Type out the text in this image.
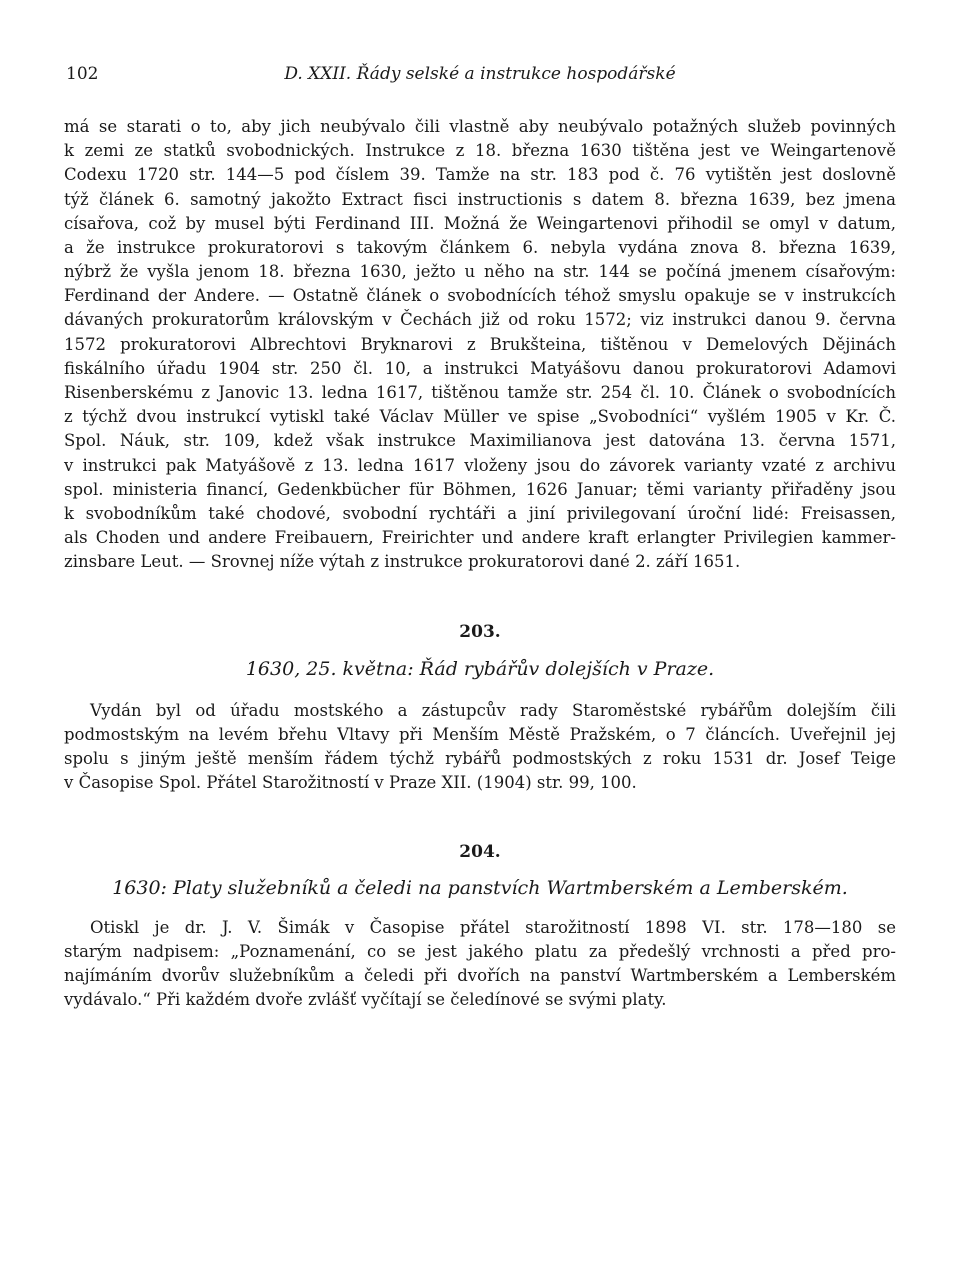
102	D. XXII. Řády selské a instrukce hospodářské
má se starati o to, aby jich neubývalo čili vlastně aby neubývalo potažných služeb povinných
k zemi ze statků svobodnických. Instrukce z 18. března 1630 tištěna jest ve Weingartenově
Codexu 1720 str. 144—5 pod číslem 39. Tamže na str. 183 pod č. 76 vytištěn jest doslovně
týž článek 6. samotný jakožto Extract fisci instructionis s datem 8. března 1639, bez jmena
císařova, což by musel býti Ferdinand III. Možná že Weingartenovi přihodil se omyl v datum,
a že instrukce prokuratorovi s takovým článkem 6. nebyla vydána znova 8. března 1639,
nýbrž že vyšla jenom 18. března 1630, ježto u něho na str. 144 se počíná jmenem císařovým:
Ferdinand der Andere. — Ostatně článek o svobodnících téhož smyslu opakuje se v instrukcích
dávaných prokuratorům královským v Čechách již od roku 1572; viz instrukci danou 9. června
1572 prokuratorovi Albrechtovi Bryknarovi z Brukšteina, tištěnou v Demelových Dějinách
fiskálního úřadu 1904 str. 250 čl. 10, a instrukci Matyášovu danou prokuratorovi Adamovi
Risenberskému z Janovic 13. ledna 1617, tištěnou tamže str. 254 čl. 10. Článek o svobodnících
z týchž dvou instrukcí vytiskl také Václav Müller ve spise „Svobodníci“ vyšlém 1905 v Kr. Č.
Spol. Náuk, str. 109, kdež však instrukce Maximilianova jest datována 13. června 1571,
v instrukci pak Matyášově z 13. ledna 1617 vloženy jsou do závorek varianty vzaté z archivu
spol. ministeria financí, Gedenkbücher für Böhmen, 1626 Januar; těmi varianty přiřaděny jsou
k svobodníkům také chodové, svobodní rychtáři a jiní privilegovaní úroční lidé: Freisassen,
als Choden und andere Freibauern, Freirichter und andere kraft erlangter Privilegien kammer-
zinsbare Leut. — Srovnej níže výtah z instrukce prokuratorovi dané 2. září 1651.
203.
1630, 25. května: Řád rybářův dolejších v Praze.
Vydán byl od úřadu mostského a zástupcův rady Staroměstské rybářům dolejším čili
podmostským na levém břehu Vltavy při Menším Městě Pražském, o 7 článcích. Uveřejnil jej
spolu s jiným ještě menším řádem týchž rybářů podmostských z roku 1531 dr. Josef Teige
v Časopise Spol. Přátel Starožitností v Praze XII. (1904) str. 99, 100.
204.
1630: Platy služebníků a čeledi na panstvích Wartmberském a Lemberském.
Otiskl je dr. J. V. Šimák v Časopise přátel starožitností 1898 VI. str. 178—180 se
starým nadpisem: „Poznamenání, co se jest jakého platu za předešlý vrchnosti a před pro-
najímáním dvorův služebníkům a čeledi při dvořích na panství Wartmberském a Lemberském
vydávalo.“ Při každém dvoře zvlášť vyčítají se čeledínové se svými platy.
